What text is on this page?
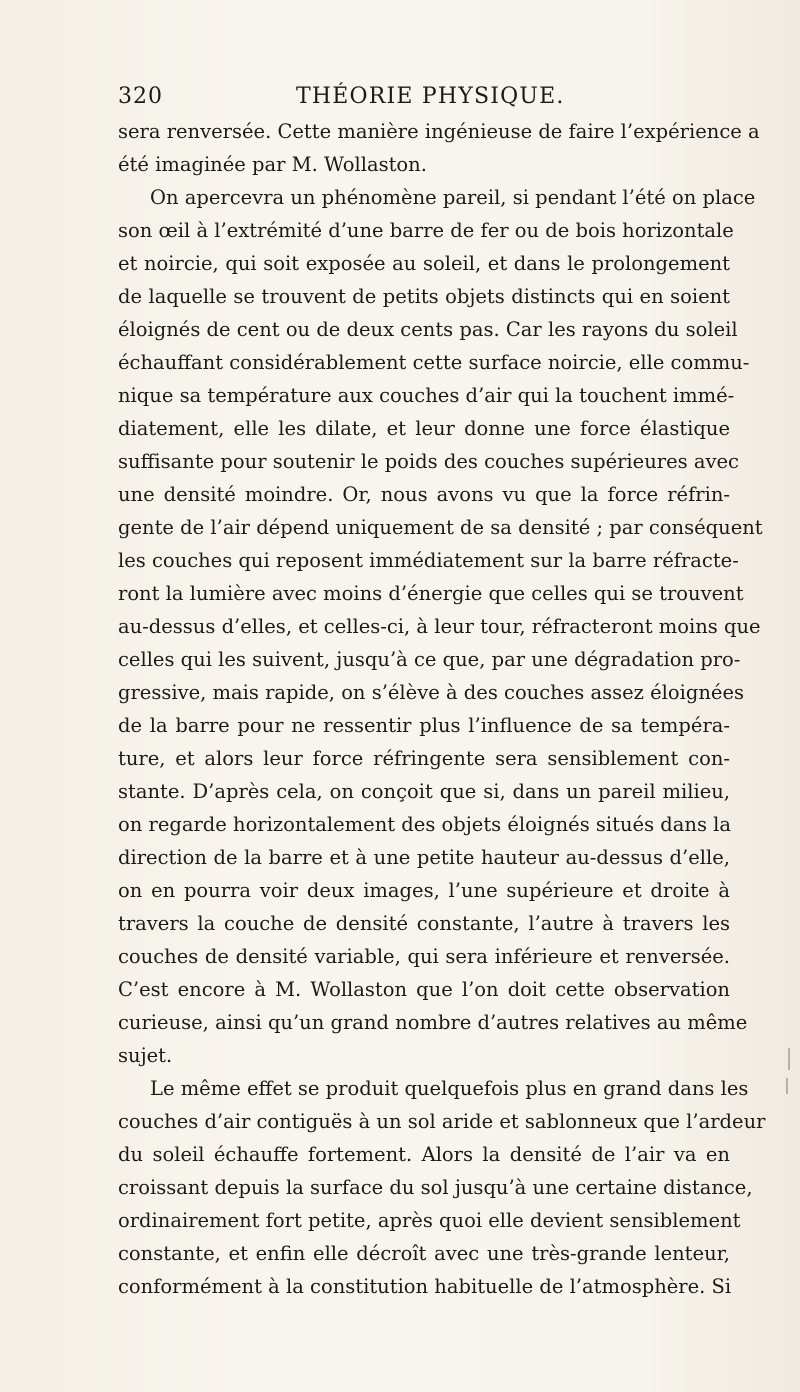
320	THÉORIE PHYSIQUE.
sera renversée. Cette manière ingénieuse de faire l’expérience a
été imaginée par M. Wollaston.
On apercevra un phénomène pareil, si pendant l’été on place
son œil à l’extrémité d’une barre de fer ou de bois horizontale
et noircie, qui soit exposée au soleil, et dans le prolongement
de laquelle se trouvent de petits objets distincts qui en soient
éloignés de cent ou de deux cents pas. Car les rayons du soleil
échauffant considérablement cette surface noircie, elle commu-
nique sa température aux couches d’air qui la touchent immé-
diatement, elle les dilate, et leur donne une force élastique
suffisante pour soutenir le poids des couches supérieures avec
une densité moindre. Or, nous avons vu que la force réfrin-
gente de l’air dépend uniquement de sa densité ; par conséquent
les couches qui reposent immédiatement sur la barre réfracte-
ront la lumière avec moins d’énergie que celles qui se trouvent
au-dessus d’elles, et celles-ci, à leur tour, réfracteront moins que
celles qui les suivent, jusqu’à ce que, par une dégradation pro-
gressive, mais rapide, on s’élève à des couches assez éloignées
de la barre pour ne ressentir plus l’influence de sa tempéra-
ture, et alors leur force réfringente sera sensiblement con-
stante. D’après cela, on conçoit que si, dans un pareil milieu,
on regarde horizontalement des objets éloignés situés dans la
direction de la barre et à une petite hauteur au-dessus d’elle,
on en pourra voir deux images, l’une supérieure et droite à
travers la couche de densité constante, l’autre à travers les
couches de densité variable, qui sera inférieure et renversée.
C’est encore à M. Wollaston que l’on doit cette observation
curieuse, ainsi qu’un grand nombre d’autres relatives au même
sujet.
Le même effet se produit quelquefois plus en grand dans les
couches d’air contiguës à un sol aride et sablonneux que l’ardeur
du soleil échauffe fortement. Alors la densité de l’air va en
croissant depuis la surface du sol jusqu’à une certaine distance,
ordinairement fort petite, après quoi elle devient sensiblement
constante, et enfin elle décroît avec une très-grande lenteur,
conformément à la constitution habituelle de l’atmosphère. Si
